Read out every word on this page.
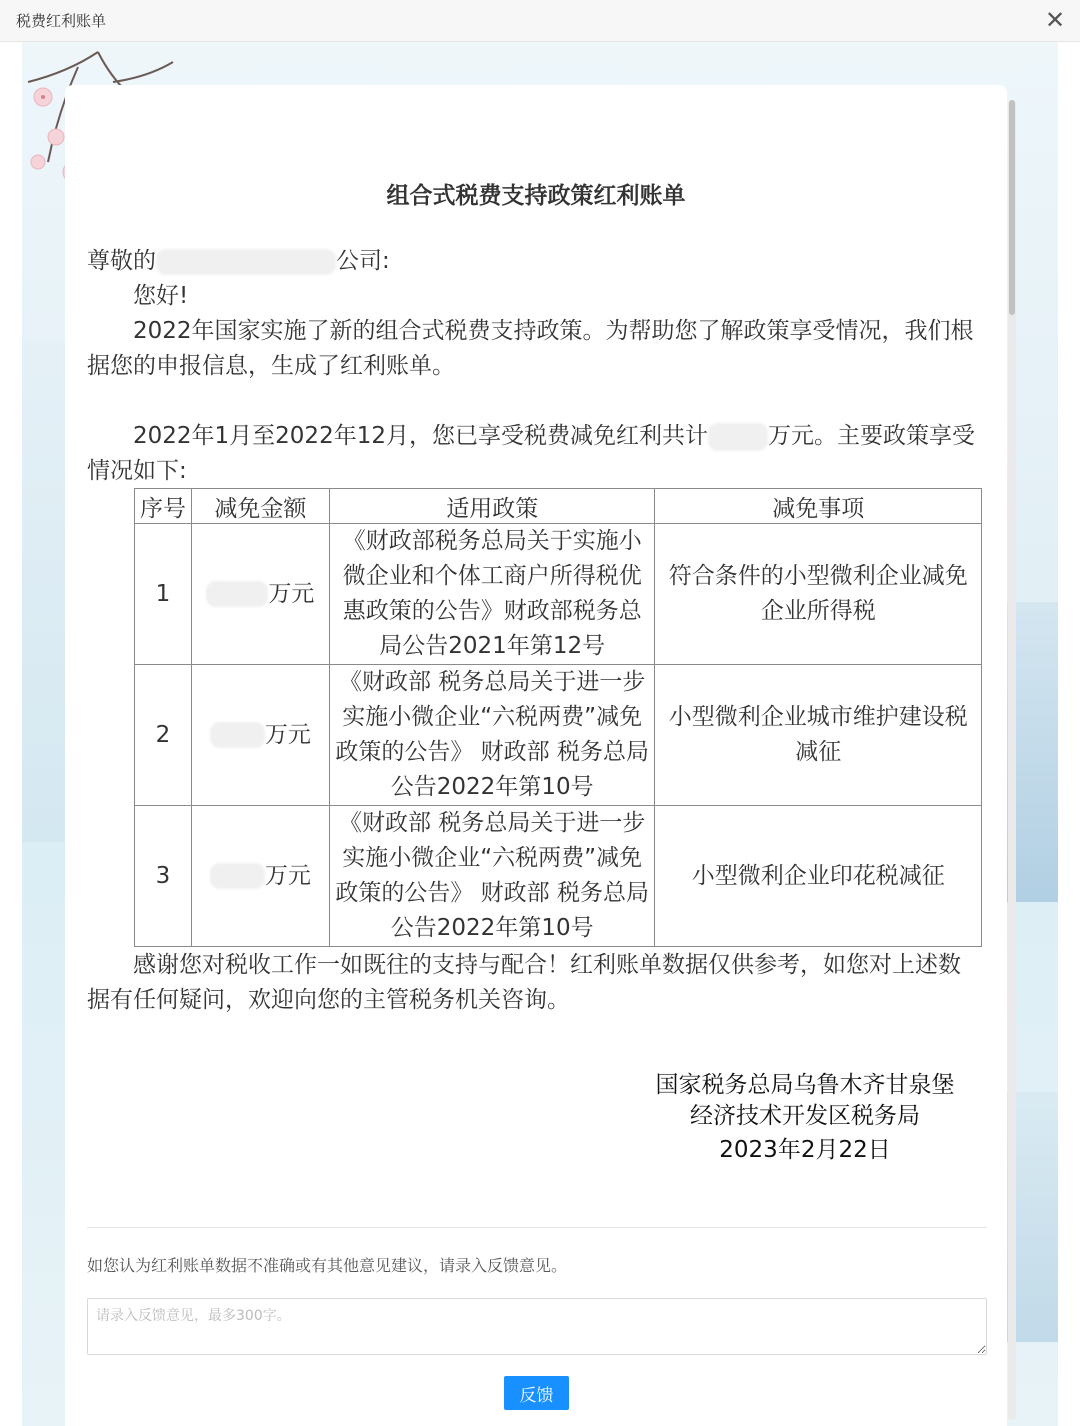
税费红利账单	✕
组合式税费支持政策红利账单
尊敬的	公司:
您好!
2022年国家实施了新的组合式税费支持政策。为帮助您了解政策享受情况，我们根据您的申报信息，生成了红利账单。
2022年1月至2022年12月，您已享受税费减免红利共计	万元。主要政策享受情况如下:
序号	减免金额	适用政策	减免事项
1	万元	《财政部税务总局关于实施小微企业和个体工商户所得税优惠政策的公告》财政部税务总局公告2021年第12号	符合条件的小型微利企业减免企业所得税
2	万元	《财政部 税务总局关于进一步实施小微企业“六税两费”减免政策的公告》 财政部 税务总局公告2022年第10号	小型微利企业城市维护建设税减征
3	万元	《财政部 税务总局关于进一步实施小微企业“六税两费”减免政策的公告》 财政部 税务总局公告2022年第10号	小型微利企业印花税减征
感谢您对税收工作一如既往的支持与配合！红利账单数据仅供参考，如您对上述数据有任何疑问，欢迎向您的主管税务机关咨询。
国家税务总局乌鲁木齐甘泉堡
经济技术开发区税务局
2023年2月22日
如您认为红利账单数据不准确或有其他意见建议，请录入反馈意见。
请录入反馈意见，最多300字。
反馈
